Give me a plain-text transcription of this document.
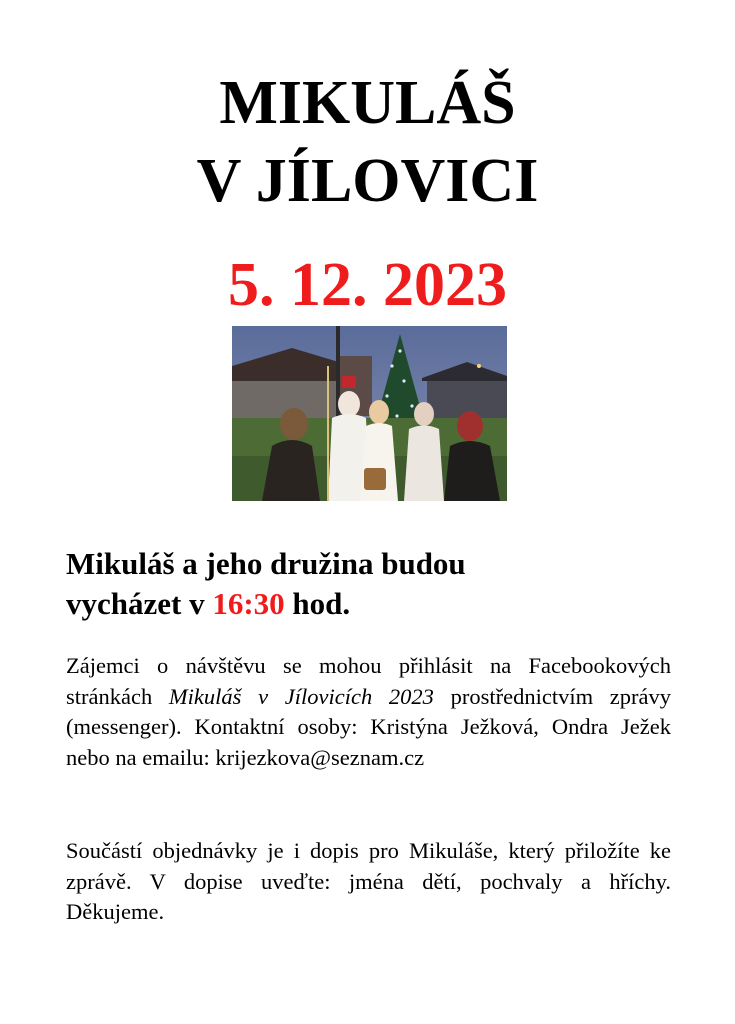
MIKULÁŠ
V JÍLOVICI
5. 12. 2023

Mikuláš a jeho družina budou
vycházet v 16:30 hod.

Zájemci o návštěvu se mohou přihlásit na Facebookových stránkách Mikuláš v Jílovicích 2023 prostřednictvím zprávy (messenger). Kontaktní osoby: Kristýna Ježková, Ondra Ježek nebo na emailu: krijezkova@seznam.cz

Součástí objednávky je i dopis pro Mikuláše, který přiložíte ke zprávě. V dopise uveďte: jména dětí, pochvaly a hříchy. Děkujeme.
